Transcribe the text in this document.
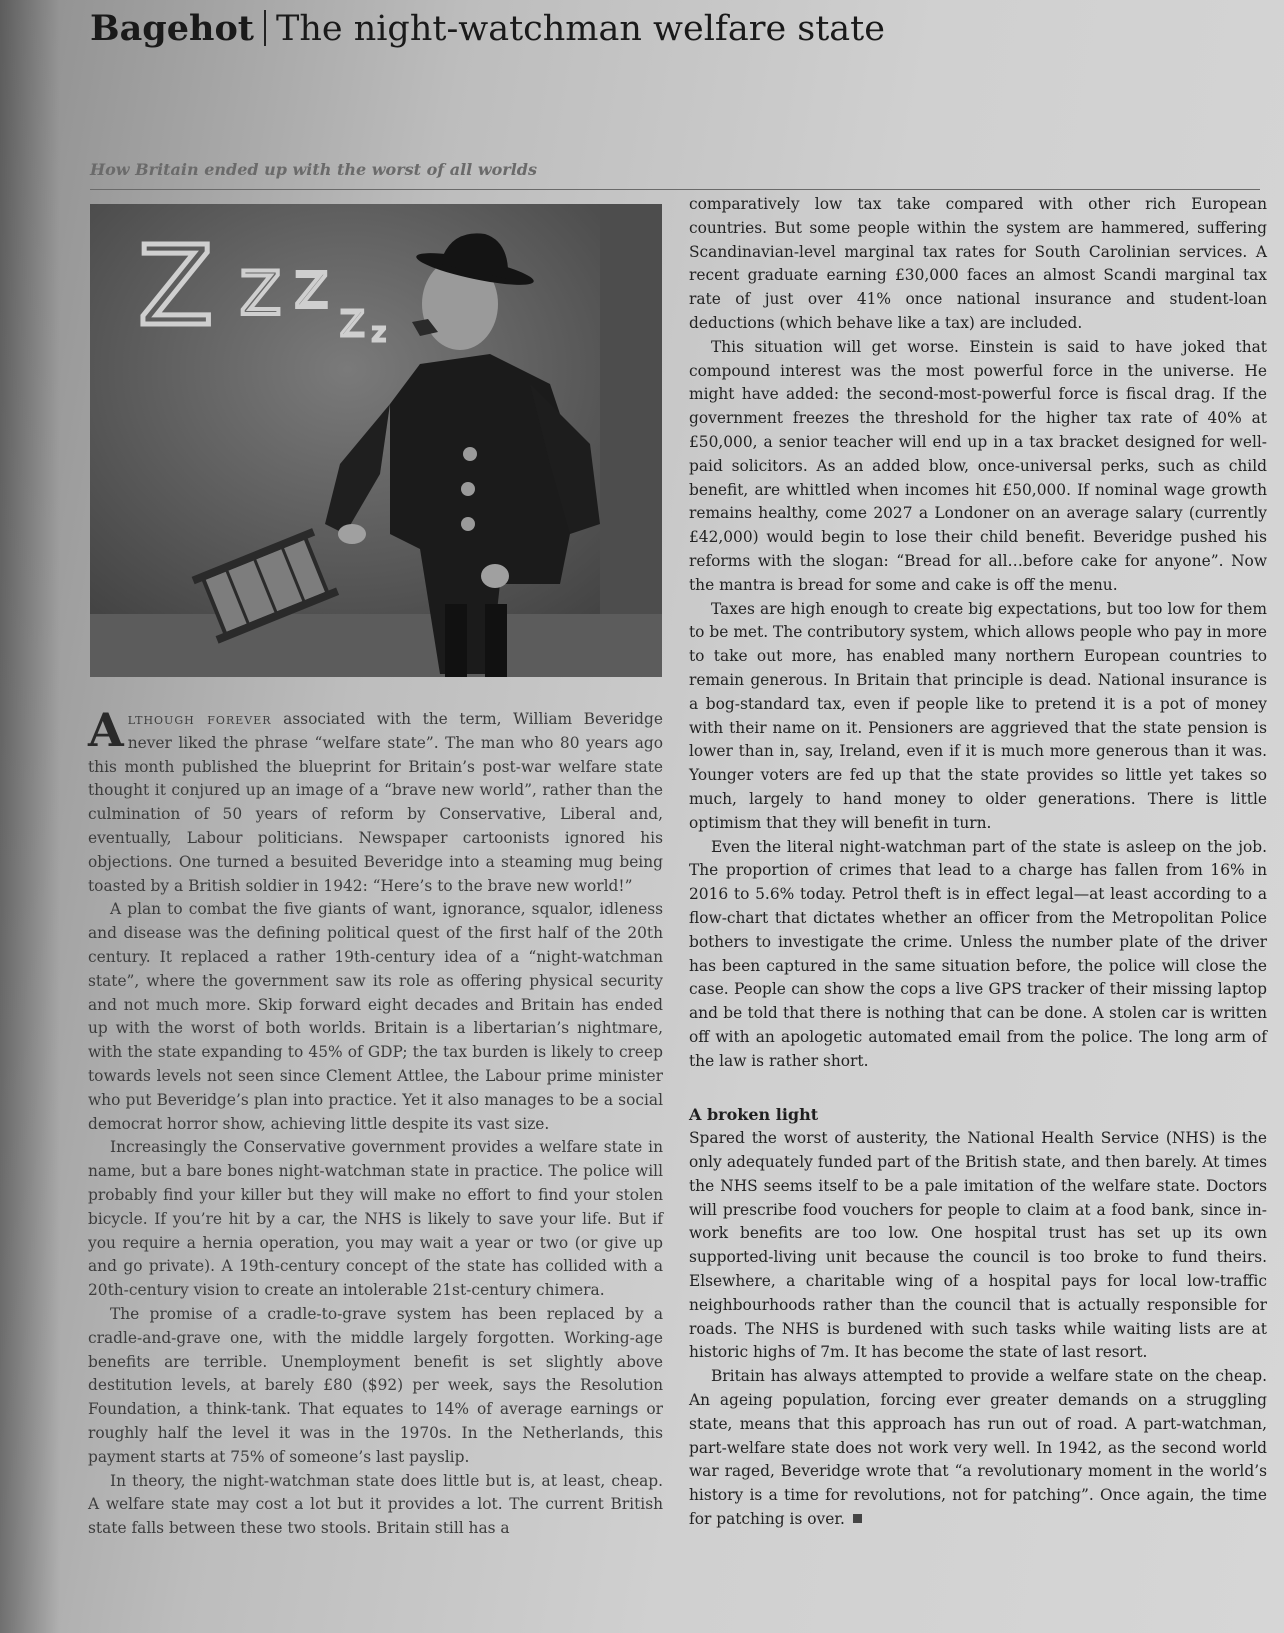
Bagehot The night-watchman welfare state
How Britain ended up with the worst of all worlds
Z Z Z
Z z

Although forever associated with the term, William Beveridge never liked the phrase “welfare state”. The man who 80 years ago this month published the blueprint for Britain’s post-war welfare state thought it conjured up an image of a “brave new world”, rather than the culmination of 50 years of reform by Conservative, Liberal and, eventually, Labour politicians. Newspaper cartoonists ignored his objections. One turned a besuited Beveridge into a steaming mug being toasted by a British soldier in 1942: “Here’s to the brave new world!”

A plan to combat the five giants of want, ignorance, squalor, idleness and disease was the defining political quest of the first half of the 20th century. It replaced a rather 19th-century idea of a “night-watchman state”, where the government saw its role as offering physical security and not much more. Skip forward eight decades and Britain has ended up with the worst of both worlds. Britain is a libertarian’s nightmare, with the state expanding to 45% of GDP; the tax burden is likely to creep towards levels not seen since Clement Attlee, the Labour prime minister who put Beveridge’s plan into practice. Yet it also manages to be a social democrat horror show, achieving little despite its vast size.

Increasingly the Conservative government provides a welfare state in name, but a bare bones night-watchman state in practice. The police will probably find your killer but they will make no effort to find your stolen bicycle. If you’re hit by a car, the NHS is likely to save your life. But if you require a hernia operation, you may wait a year or two (or give up and go private). A 19th-century concept of the state has collided with a 20th-century vision to create an intolerable 21st-century chimera.

The promise of a cradle-to-grave system has been replaced by a cradle-and-grave one, with the middle largely forgotten. Working-age benefits are terrible. Unemployment benefit is set slightly above destitution levels, at barely £80 ($92) per week, says the Resolution Foundation, a think-tank. That equates to 14% of average earnings or roughly half the level it was in the 1970s. In the Netherlands, this payment starts at 75% of someone’s last payslip.

In theory, the night-watchman state does little but is, at least, cheap. A welfare state may cost a lot but it provides a lot. The current British state falls between these two stools. Britain still has a

comparatively low tax take compared with other rich European countries. But some people within the system are hammered, suffering Scandinavian-level marginal tax rates for South Carolinian services. A recent graduate earning £30,000 faces an almost Scandi marginal tax rate of just over 41% once national insurance and student-loan deductions (which behave like a tax) are included.

This situation will get worse. Einstein is said to have joked that compound interest was the most powerful force in the universe. He might have added: the second-most-powerful force is fiscal drag. If the government freezes the threshold for the higher tax rate of 40% at £50,000, a senior teacher will end up in a tax bracket designed for well-paid solicitors. As an added blow, once-universal perks, such as child benefit, are whittled when incomes hit £50,000. If nominal wage growth remains healthy, come 2027 a Londoner on an average salary (currently £42,000) would begin to lose their child benefit. Beveridge pushed his reforms with the slogan: “Bread for all…before cake for anyone”. Now the mantra is bread for some and cake is off the menu.

Taxes are high enough to create big expectations, but too low for them to be met. The contributory system, which allows people who pay in more to take out more, has enabled many northern European countries to remain generous. In Britain that principle is dead. National insurance is a bog-standard tax, even if people like to pretend it is a pot of money with their name on it. Pensioners are aggrieved that the state pension is lower than in, say, Ireland, even if it is much more generous than it was. Younger voters are fed up that the state provides so little yet takes so much, largely to hand money to older generations. There is little optimism that they will benefit in turn.

Even the literal night-watchman part of the state is asleep on the job. The proportion of crimes that lead to a charge has fallen from 16% in 2016 to 5.6% today. Petrol theft is in effect legal—at least according to a flow-chart that dictates whether an officer from the Metropolitan Police bothers to investigate the crime. Unless the number plate of the driver has been captured in the same situation before, the police will close the case. People can show the cops a live GPS tracker of their missing laptop and be told that there is nothing that can be done. A stolen car is written off with an apologetic automated email from the police. The long arm of the law is rather short.

A broken light

Spared the worst of austerity, the National Health Service (NHS) is the only adequately funded part of the British state, and then barely. At times the NHS seems itself to be a pale imitation of the welfare state. Doctors will prescribe food vouchers for people to claim at a food bank, since in-work benefits are too low. One hospital trust has set up its own supported-living unit because the council is too broke to fund theirs. Elsewhere, a charitable wing of a hospital pays for local low-traffic neighbourhoods rather than the council that is actually responsible for roads. The NHS is burdened with such tasks while waiting lists are at historic highs of 7m. It has become the state of last resort.

Britain has always attempted to provide a welfare state on the cheap. An ageing population, forcing ever greater demands on a struggling state, means that this approach has run out of road. A part-watchman, part-welfare state does not work very well. In 1942, as the second world war raged, Beveridge wrote that “a revolutionary moment in the world’s history is a time for revolutions, not for patching”. Once again, the time for patching is over.
